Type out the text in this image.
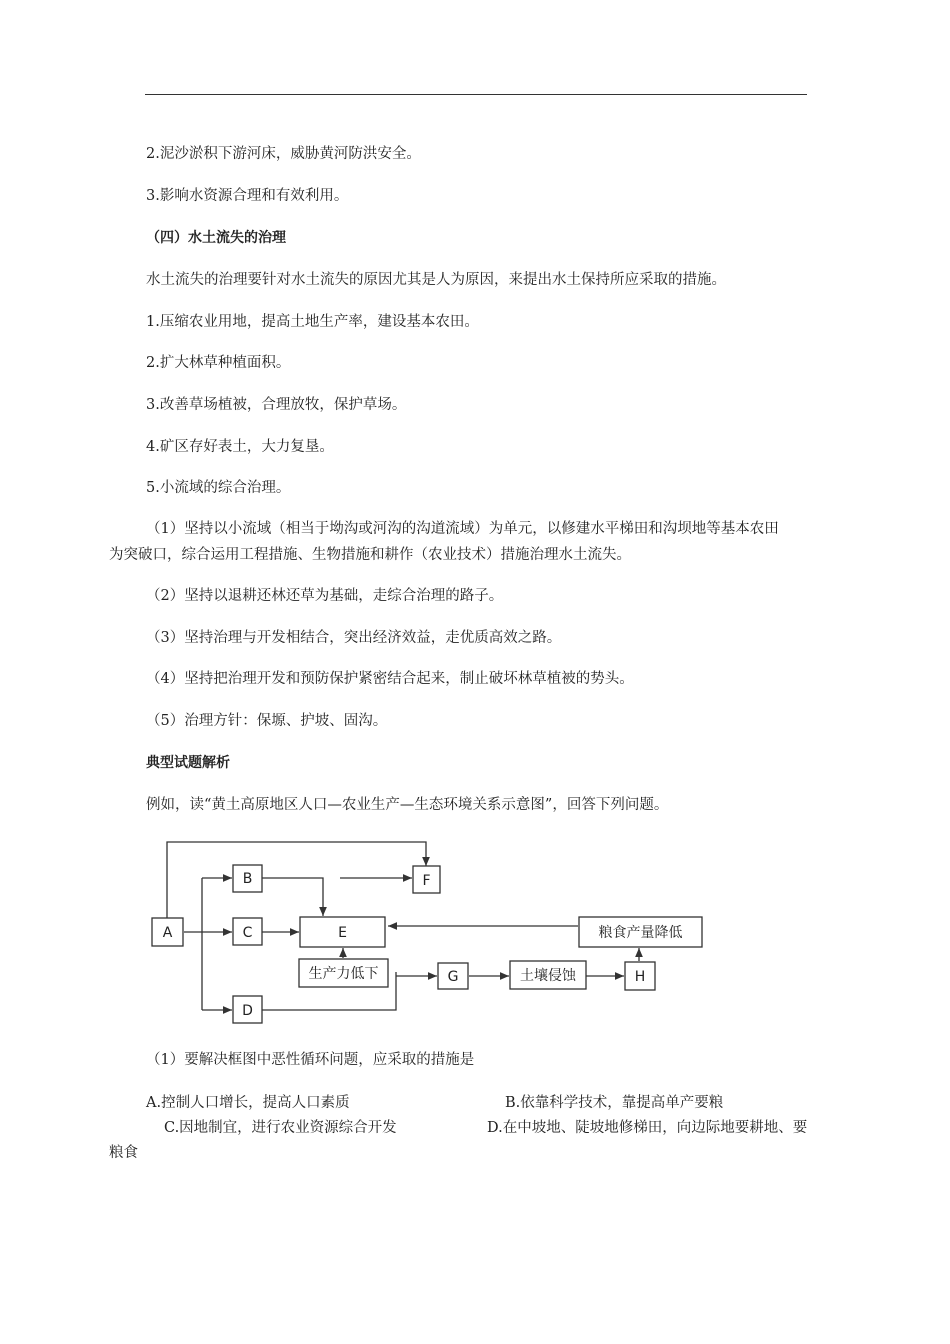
2.泥沙淤积下游河床，威胁黄河防洪安全。
3.影响水资源合理和有效利用。
（四）水土流失的治理
水土流失的治理要针对水土流失的原因尤其是人为原因，来提出水土保持所应采取的措施。
1.压缩农业用地，提高土地生产率，建设基本农田。
2.扩大林草种植面积。
3.改善草场植被，合理放牧，保护草场。
4.矿区存好表土，大力复垦。
5.小流域的综合治理。
（1）坚持以小流域（相当于坳沟或河沟的沟道流域）为单元，以修建水平梯田和沟坝地等基本农田
为突破口，综合运用工程措施、生物措施和耕作（农业技术）措施治理水土流失。
（2）坚持以退耕还林还草为基础，走综合治理的路子。
（3）坚持治理与开发相结合，突出经济效益，走优质高效之路。
（4）坚持把治理开发和预防保护紧密结合起来，制止破坏林草植被的势头。
（5）治理方针：保塬、护坡、固沟。
典型试题解析
例如，读“黄土高原地区人口—农业生产—生态环境关系示意图”，回答下列问题。
A
B
C
D
E
F
生产力低下	G	土壤侵蚀	H
粮食产量降低
（1）要解决框图中恶性循环问题，应采取的措施是
A.控制人口增长，提高人口素质	B.依靠科学技术，靠提高单产要粮
C.因地制宜，进行农业资源综合开发	D.在中坡地、陡坡地修梯田，向边际地要耕地、要
粮食
